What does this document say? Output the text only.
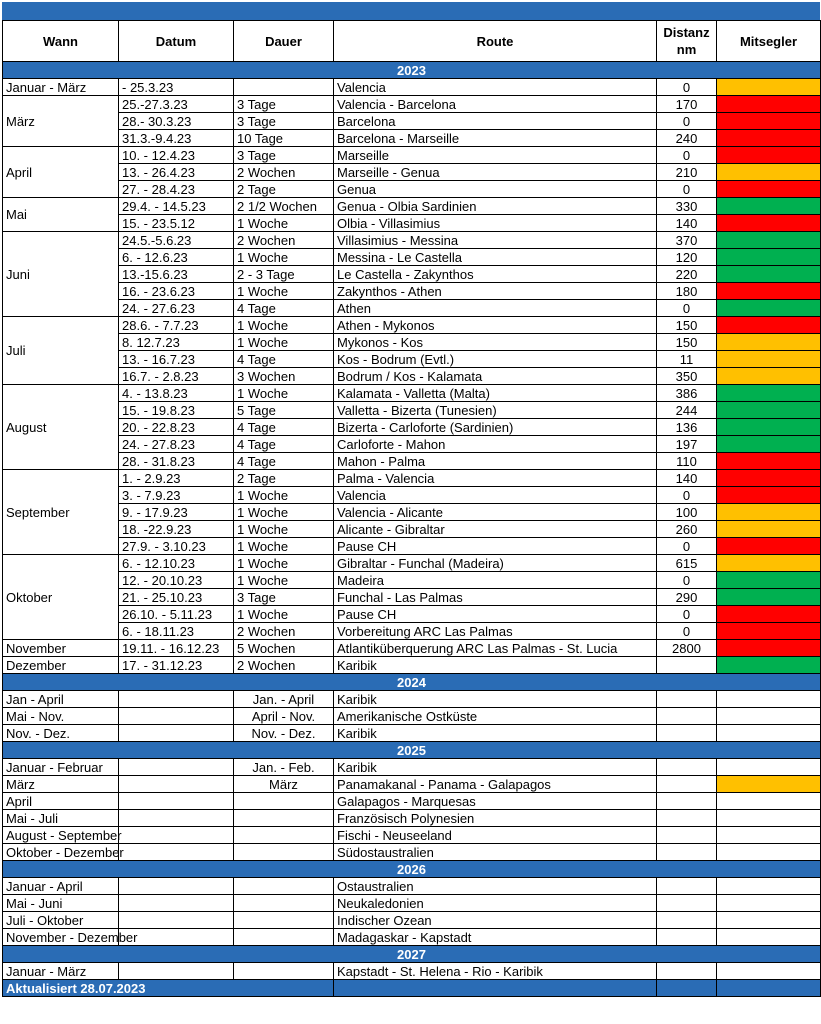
Wann	Datum	Dauer	Route	Distanz nm	Mitsegler
2023					
Januar - März	- 25.3.23		Valencia	0	
März	25.-27.3.23	3 Tage	Valencia - Barcelona	170	
	28.- 30.3.23	3 Tage	Barcelona	0	
	31.3.-9.4.23	10 Tage	Barcelona - Marseille	240	
April	10. - 12.4.23	3 Tage	Marseille	0	
	13. - 26.4.23	2 Wochen	Marseille - Genua	210	
	27. - 28.4.23	2 Tage	Genua	0	
Mai	29.4. - 14.5.23	2 1/2 Wochen	Genua - Olbia Sardinien	330	
	15. - 23.5.12	1 Woche	Olbia - Villasimius	140	
Juni	24.5.-5.6.23	2 Wochen	Villasimius - Messina	370	
	6. - 12.6.23	1 Woche	Messina - Le Castella	120	
	13.-15.6.23	2 - 3 Tage	Le Castella - Zakynthos	220	
	16. - 23.6.23	1 Woche	Zakynthos - Athen	180	
	24. - 27.6.23	4 Tage	Athen	0	
Juli	28.6. - 7.7.23	1 Woche	Athen - Mykonos	150	
	8. 12.7.23	1 Woche	Mykonos - Kos	150	
	13. - 16.7.23	4 Tage	Kos - Bodrum (Evtl.)	11	
	16.7. - 2.8.23	3 Wochen	Bodrum / Kos - Kalamata	350	
August	4. - 13.8.23	1 Woche	Kalamata - Valletta (Malta)	386	
	15. - 19.8.23	5 Tage	Valletta - Bizerta (Tunesien)	244	
	20. - 22.8.23	4 Tage	Bizerta - Carloforte (Sardinien)	136	
	24. - 27.8.23	4 Tage	Carloforte - Mahon	197	
	28. - 31.8.23	4 Tage	Mahon - Palma	110	
September	1. - 2.9.23	2 Tage	Palma - Valencia	140	
	3. - 7.9.23	1 Woche	Valencia	0	
	9. - 17.9.23	1 Woche	Valencia - Alicante	100	
	18. -22.9.23	1 Woche	Alicante - Gibraltar	260	
	27.9. - 3.10.23	1 Woche	Pause CH	0	
Oktober	6. - 12.10.23	1 Woche	Gibraltar - Funchal (Madeira)	615	
	12. - 20.10.23	1 Woche	Madeira	0	
	21. - 25.10.23	3 Tage	Funchal - Las Palmas	290	
	26.10. - 5.11.23	1 Woche	Pause CH	0	
	6. - 18.11.23	2 Wochen	Vorbereitung ARC Las Palmas	0	
November	19.11. - 16.12.23	5 Wochen	Atlantiküberquerung ARC Las Palmas - St. Lucia	2800	
Dezember	17. - 31.12.23	2 Wochen	Karibik		
2024					
Jan - April		Jan. - April	Karibik		
Mai - Nov.		April - Nov.	Amerikanische Ostküste		
Nov. - Dez.		Nov. - Dez.	Karibik		
2025					
Januar - Februar		Jan. - Feb.	Karibik		
März		März	Panamakanal - Panama - Galapagos		
April			Galapagos - Marquesas		
Mai - Juli			Französisch Polynesien		
August - September			Fischi - Neuseeland		
Oktober - Dezember			Südostaustralien		
2026					
Januar - April			Ostaustralien		
Mai - Juni			Neukaledonien		
Juli - Oktober			Indischer Ozean		
November - Dezember			Madagaskar - Kapstadt		
2027					
Januar - März			Kapstadt - St. Helena - Rio - Karibik		
Aktualisiert 28.07.2023					
